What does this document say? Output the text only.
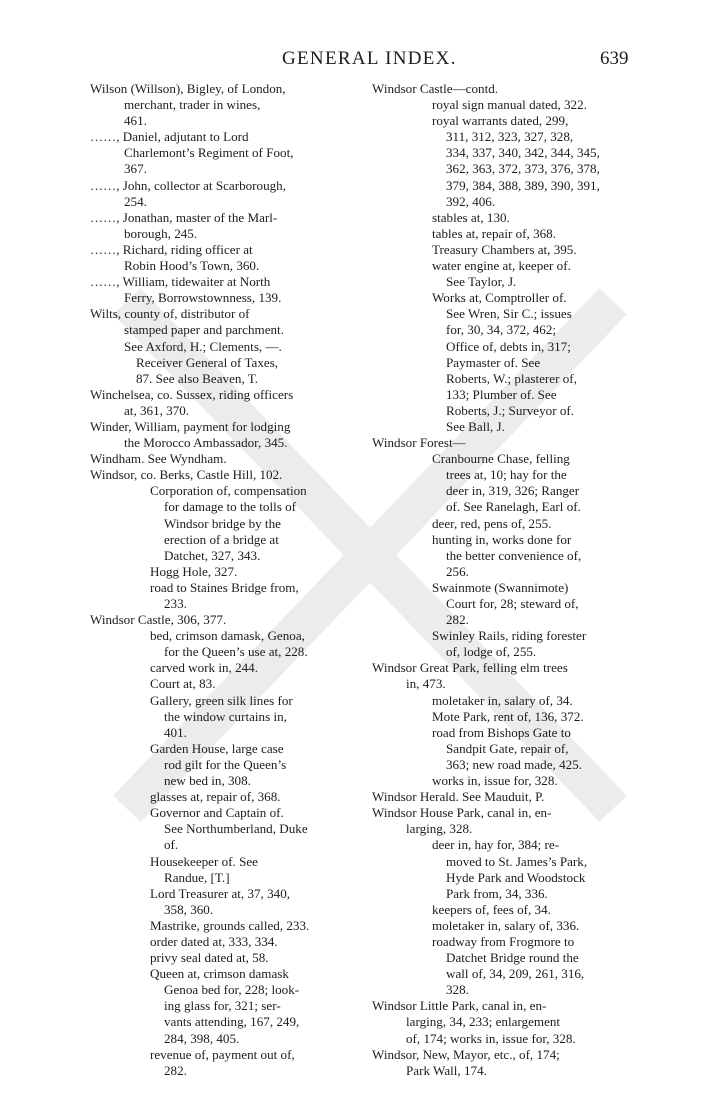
GENERAL INDEX.	639
Wilson (Willson), Bigley, of London,
merchant, trader in wines,
461.
……, Daniel, adjutant to Lord
Charlemont’s Regiment of Foot,
367.
……, John, collector at Scarborough,
254.
……, Jonathan, master of the Marl-
borough, 245.
……, Richard, riding officer at
Robin Hood’s Town, 360.
……, William, tidewaiter at North
Ferry, Borrowstownness, 139.
Wilts, county of, distributor of
stamped paper and parchment.
See Axford, H.; Clements, —.
Receiver General of Taxes,
87. See also Beaven, T.
Winchelsea, co. Sussex, riding officers
at, 361, 370.
Winder, William, payment for lodging
the Morocco Ambassador, 345.
Windham. See Wyndham.
Windsor, co. Berks, Castle Hill, 102.
Corporation of, compensation
for damage to the tolls of
Windsor bridge by the
erection of a bridge at
Datchet, 327, 343.
Hogg Hole, 327.
road to Staines Bridge from,
233.
Windsor Castle, 306, 377.
bed, crimson damask, Genoa,
for the Queen’s use at, 228.
carved work in, 244.
Court at, 83.
Gallery, green silk lines for
the window curtains in,
401.
Garden House, large case
rod gilt for the Queen’s
new bed in, 308.
glasses at, repair of, 368.
Governor and Captain of.
See Northumberland, Duke
of.
Housekeeper of. See
Randue, [T.]
Lord Treasurer at, 37, 340,
358, 360.
Mastrike, grounds called, 233.
order dated at, 333, 334.
privy seal dated at, 58.
Queen at, crimson damask
Genoa bed for, 228; look-
ing glass for, 321; ser-
vants attending, 167, 249,
284, 398, 405.
revenue of, payment out of,
282.
Windsor Castle—contd.
royal sign manual dated, 322.
royal warrants dated, 299,
311, 312, 323, 327, 328,
334, 337, 340, 342, 344, 345,
362, 363, 372, 373, 376, 378,
379, 384, 388, 389, 390, 391,
392, 406.
stables at, 130.
tables at, repair of, 368.
Treasury Chambers at, 395.
water engine at, keeper of.
See Taylor, J.
Works at, Comptroller of.
See Wren, Sir C.; issues
for, 30, 34, 372, 462;
Office of, debts in, 317;
Paymaster of. See
Roberts, W.; plasterer of,
133; Plumber of. See
Roberts, J.; Surveyor of.
See Ball, J.
Windsor Forest—
Cranbourne Chase, felling
trees at, 10; hay for the
deer in, 319, 326; Ranger
of. See Ranelagh, Earl of.
deer, red, pens of, 255.
hunting in, works done for
the better convenience of,
256.
Swainmote (Swannimote)
Court for, 28; steward of,
282.
Swinley Rails, riding forester
of, lodge of, 255.
Windsor Great Park, felling elm trees
in, 473.
moletaker in, salary of, 34.
Mote Park, rent of, 136, 372.
road from Bishops Gate to
Sandpit Gate, repair of,
363; new road made, 425.
works in, issue for, 328.
Windsor Herald. See Mauduit, P.
Windsor House Park, canal in, en-
larging, 328.
deer in, hay for, 384; re-
moved to St. James’s Park,
Hyde Park and Woodstock
Park from, 34, 336.
keepers of, fees of, 34.
moletaker in, salary of, 336.
roadway from Frogmore to
Datchet Bridge round the
wall of, 34, 209, 261, 316,
328.
Windsor Little Park, canal in, en-
larging, 34, 233; enlargement
of, 174; works in, issue for, 328.
Windsor, New, Mayor, etc., of, 174;
Park Wall, 174.
